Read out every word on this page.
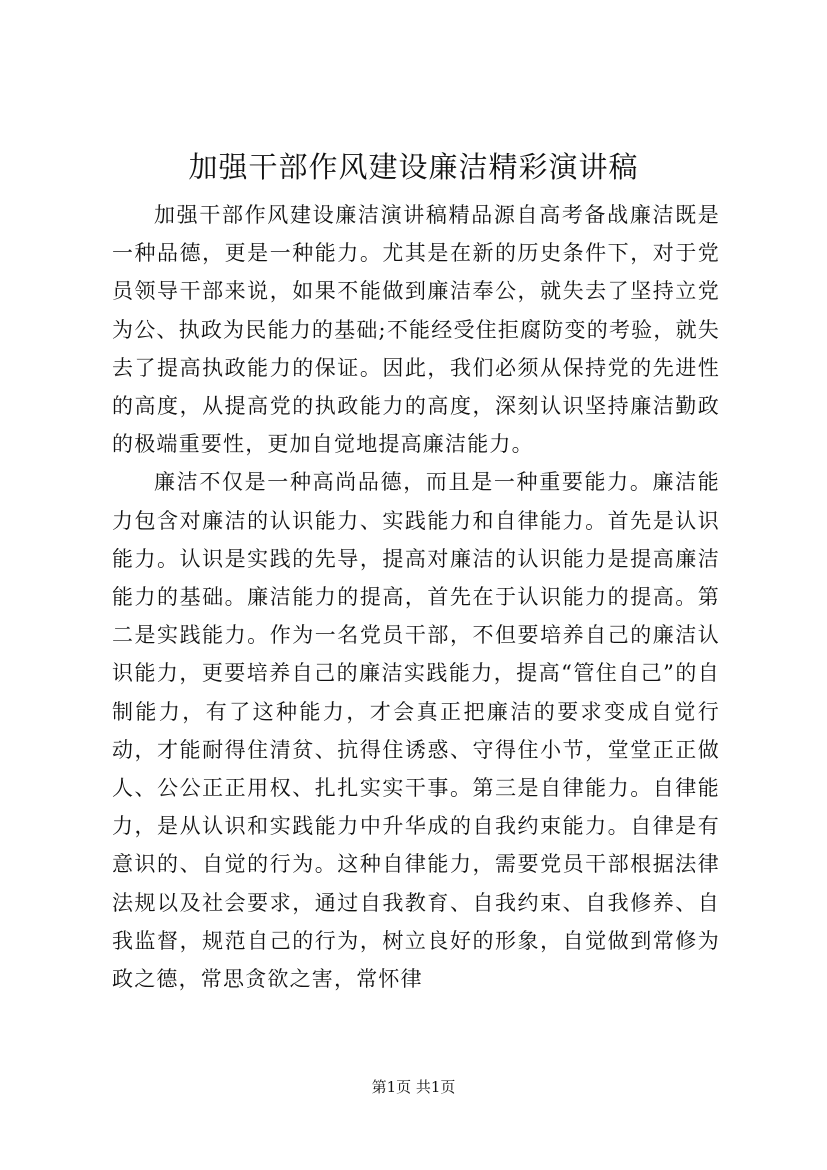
加强干部作风建设廉洁精彩演讲稿

加强干部作风建设廉洁演讲稿精品源自高考备战廉洁既是一种品德，更是一种能力。尤其是在新的历史条件下，对于党员领导干部来说，如果不能做到廉洁奉公，就失去了坚持立党为公、执政为民能力的基础;不能经受住拒腐防变的考验，就失去了提高执政能力的保证。因此，我们必须从保持党的先进性的高度，从提高党的执政能力的高度，深刻认识坚持廉洁勤政的极端重要性，更加自觉地提高廉洁能力。

廉洁不仅是一种高尚品德，而且是一种重要能力。廉洁能力包含对廉洁的认识能力、实践能力和自律能力。首先是认识能力。认识是实践的先导，提高对廉洁的认识能力是提高廉洁能力的基础。廉洁能力的提高，首先在于认识能力的提高。第二是实践能力。作为一名党员干部，不但要培养自己的廉洁认识能力，更要培养自己的廉洁实践能力，提高“管住自己”的自制能力，有了这种能力，才会真正把廉洁的要求变成自觉行动，才能耐得住清贫、抗得住诱惑、守得住小节，堂堂正正做人、公公正正用权、扎扎实实干事。第三是自律能力。自律能力，是从认识和实践能力中升华成的自我约束能力。自律是有意识的、自觉的行为。这种自律能力，需要党员干部根据法律法规以及社会要求，通过自我教育、自我约束、自我修养、自我监督，规范自己的行为，树立良好的形象，自觉做到常修为政之德，常思贪欲之害，常怀律

第1页 共1页
